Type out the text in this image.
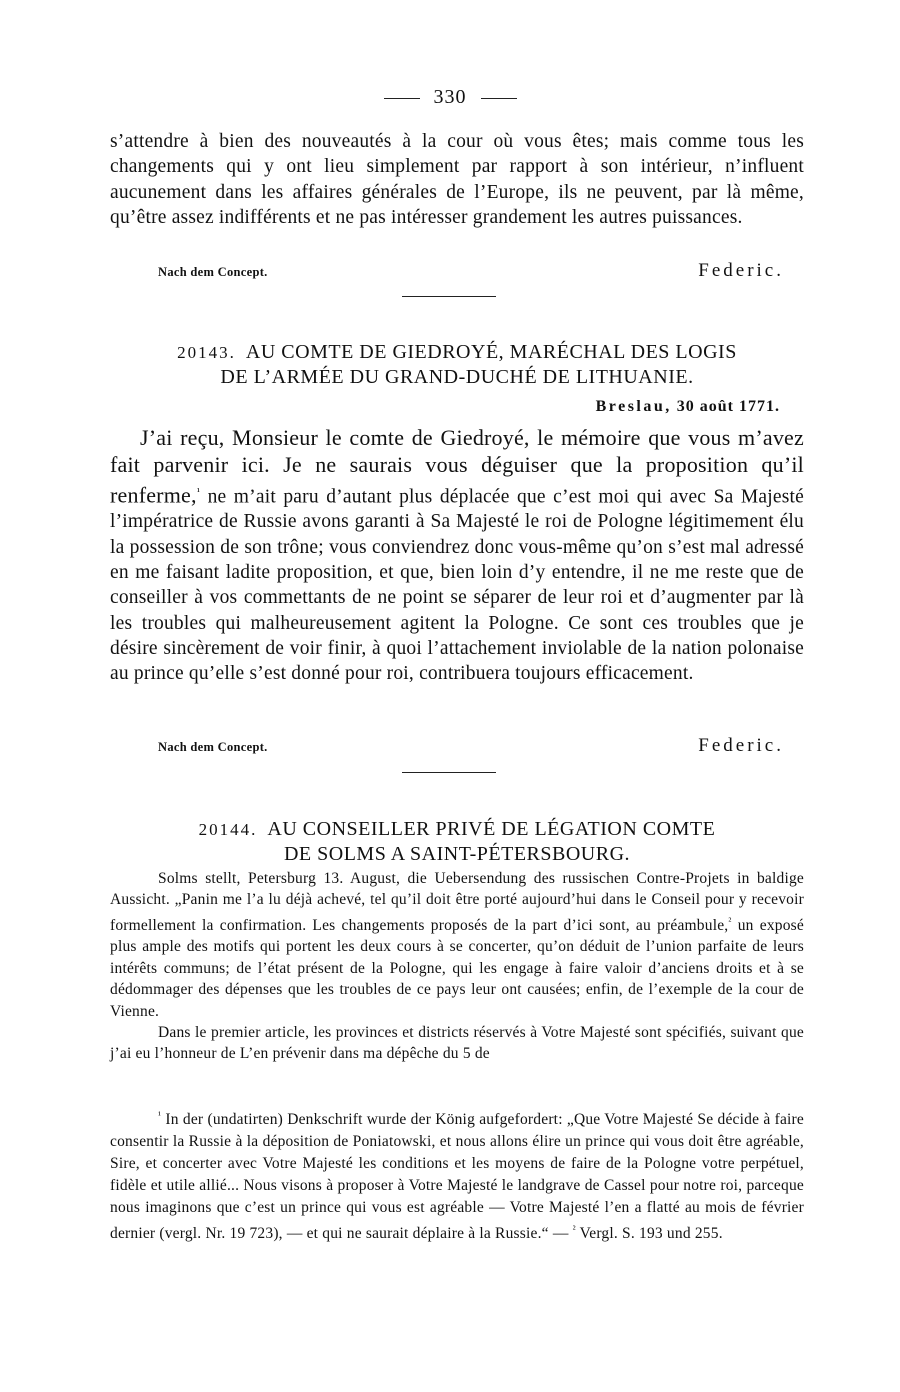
330

s’attendre à bien des nouveautés à la cour où vous êtes; mais comme tous les changements qui y ont lieu simplement par rapport à son intérieur, n’influent aucunement dans les affaires générales de l’Europe, ils ne peuvent, par là même, qu’être assez indifférents et ne pas intéresser grandement les autres puissances.

Nach dem Concept.	Federic.
20143. AU COMTE DE GIEDROYÉ, MARÉCHAL DES LOGIS
DE L’ARMÉE DU GRAND-DUCHÉ DE LITHUANIE.
Breslau, 30 août 1771.

J’ai reçu, Monsieur le comte de Giedroyé, le mémoire que vous m’avez fait parvenir ici. Je ne saurais vous déguiser que la proposition qu’il renferme,$^{^1}$ ne m’ait paru d’autant plus déplacée que c’est moi qui avec Sa Majesté l’impératrice de Russie avons garanti à Sa Majesté le roi de Pologne légitimement élu la possession de son trône; vous conviendrez donc vous-même qu’on s’est mal adressé en me faisant ladite proposition, et que, bien loin d’y entendre, il ne me reste que de conseiller à vos commettants de ne point se séparer de leur roi et d’augmenter par là les troubles qui malheureusement agitent la Pologne. Ce sont ces troubles que je désire sincèrement de voir finir, à quoi l’attachement inviolable de la nation polonaise au prince qu’elle s’est donné pour roi, contribuera toujours efficacement.

Nach dem Concept.	Federic.
20144. AU CONSEILLER PRIVÉ DE LÉGATION COMTE
DE SOLMS A SAINT-PÉTERSBOURG.

Solms stellt, Petersburg 13. August, die Uebersendung des russischen Contre-Projets in baldige Aussicht. „Panin me l’a lu déjà achevé, tel qu’il doit être porté aujourd’hui dans le Conseil pour y recevoir formellement la confirmation. Les changements proposés de la part d’ici sont, au préambule,$^{^2}$ un exposé plus ample des motifs qui portent les deux cours à se concerter, qu’on déduit de l’union parfaite de leurs intérêts communs; de l’état présent de la Pologne, qui les engage à faire valoir d’anciens droits et à se dédommager des dépenses que les troubles de ce pays leur ont causées; enfin, de l’exemple de la cour de Vienne.

Dans le premier article, les provinces et districts réservés à Votre Majesté sont spécifiés, suivant que j’ai eu l’honneur de L’en prévenir dans ma dépêche du 5 de

$^{^1}$ In der (undatirten) Denkschrift wurde der König aufgefordert: „Que Votre Majesté Se décide à faire consentir la Russie à la déposition de Poniatowski, et nous allons élire un prince qui vous doit être agréable, Sire, et concerter avec Votre Majesté les conditions et les moyens de faire de la Pologne votre perpétuel, fidèle et utile allié... Nous visons à proposer à Votre Majesté le landgrave de Cassel pour notre roi, parceque nous imaginons que c’est un prince qui vous est agréable — Votre Majesté l’en a flatté au mois de février dernier (vergl. Nr. 19 723), — et qui ne saurait déplaire à la Russie.“ — $^{^2}$ Vergl. S. 193 und 255.
